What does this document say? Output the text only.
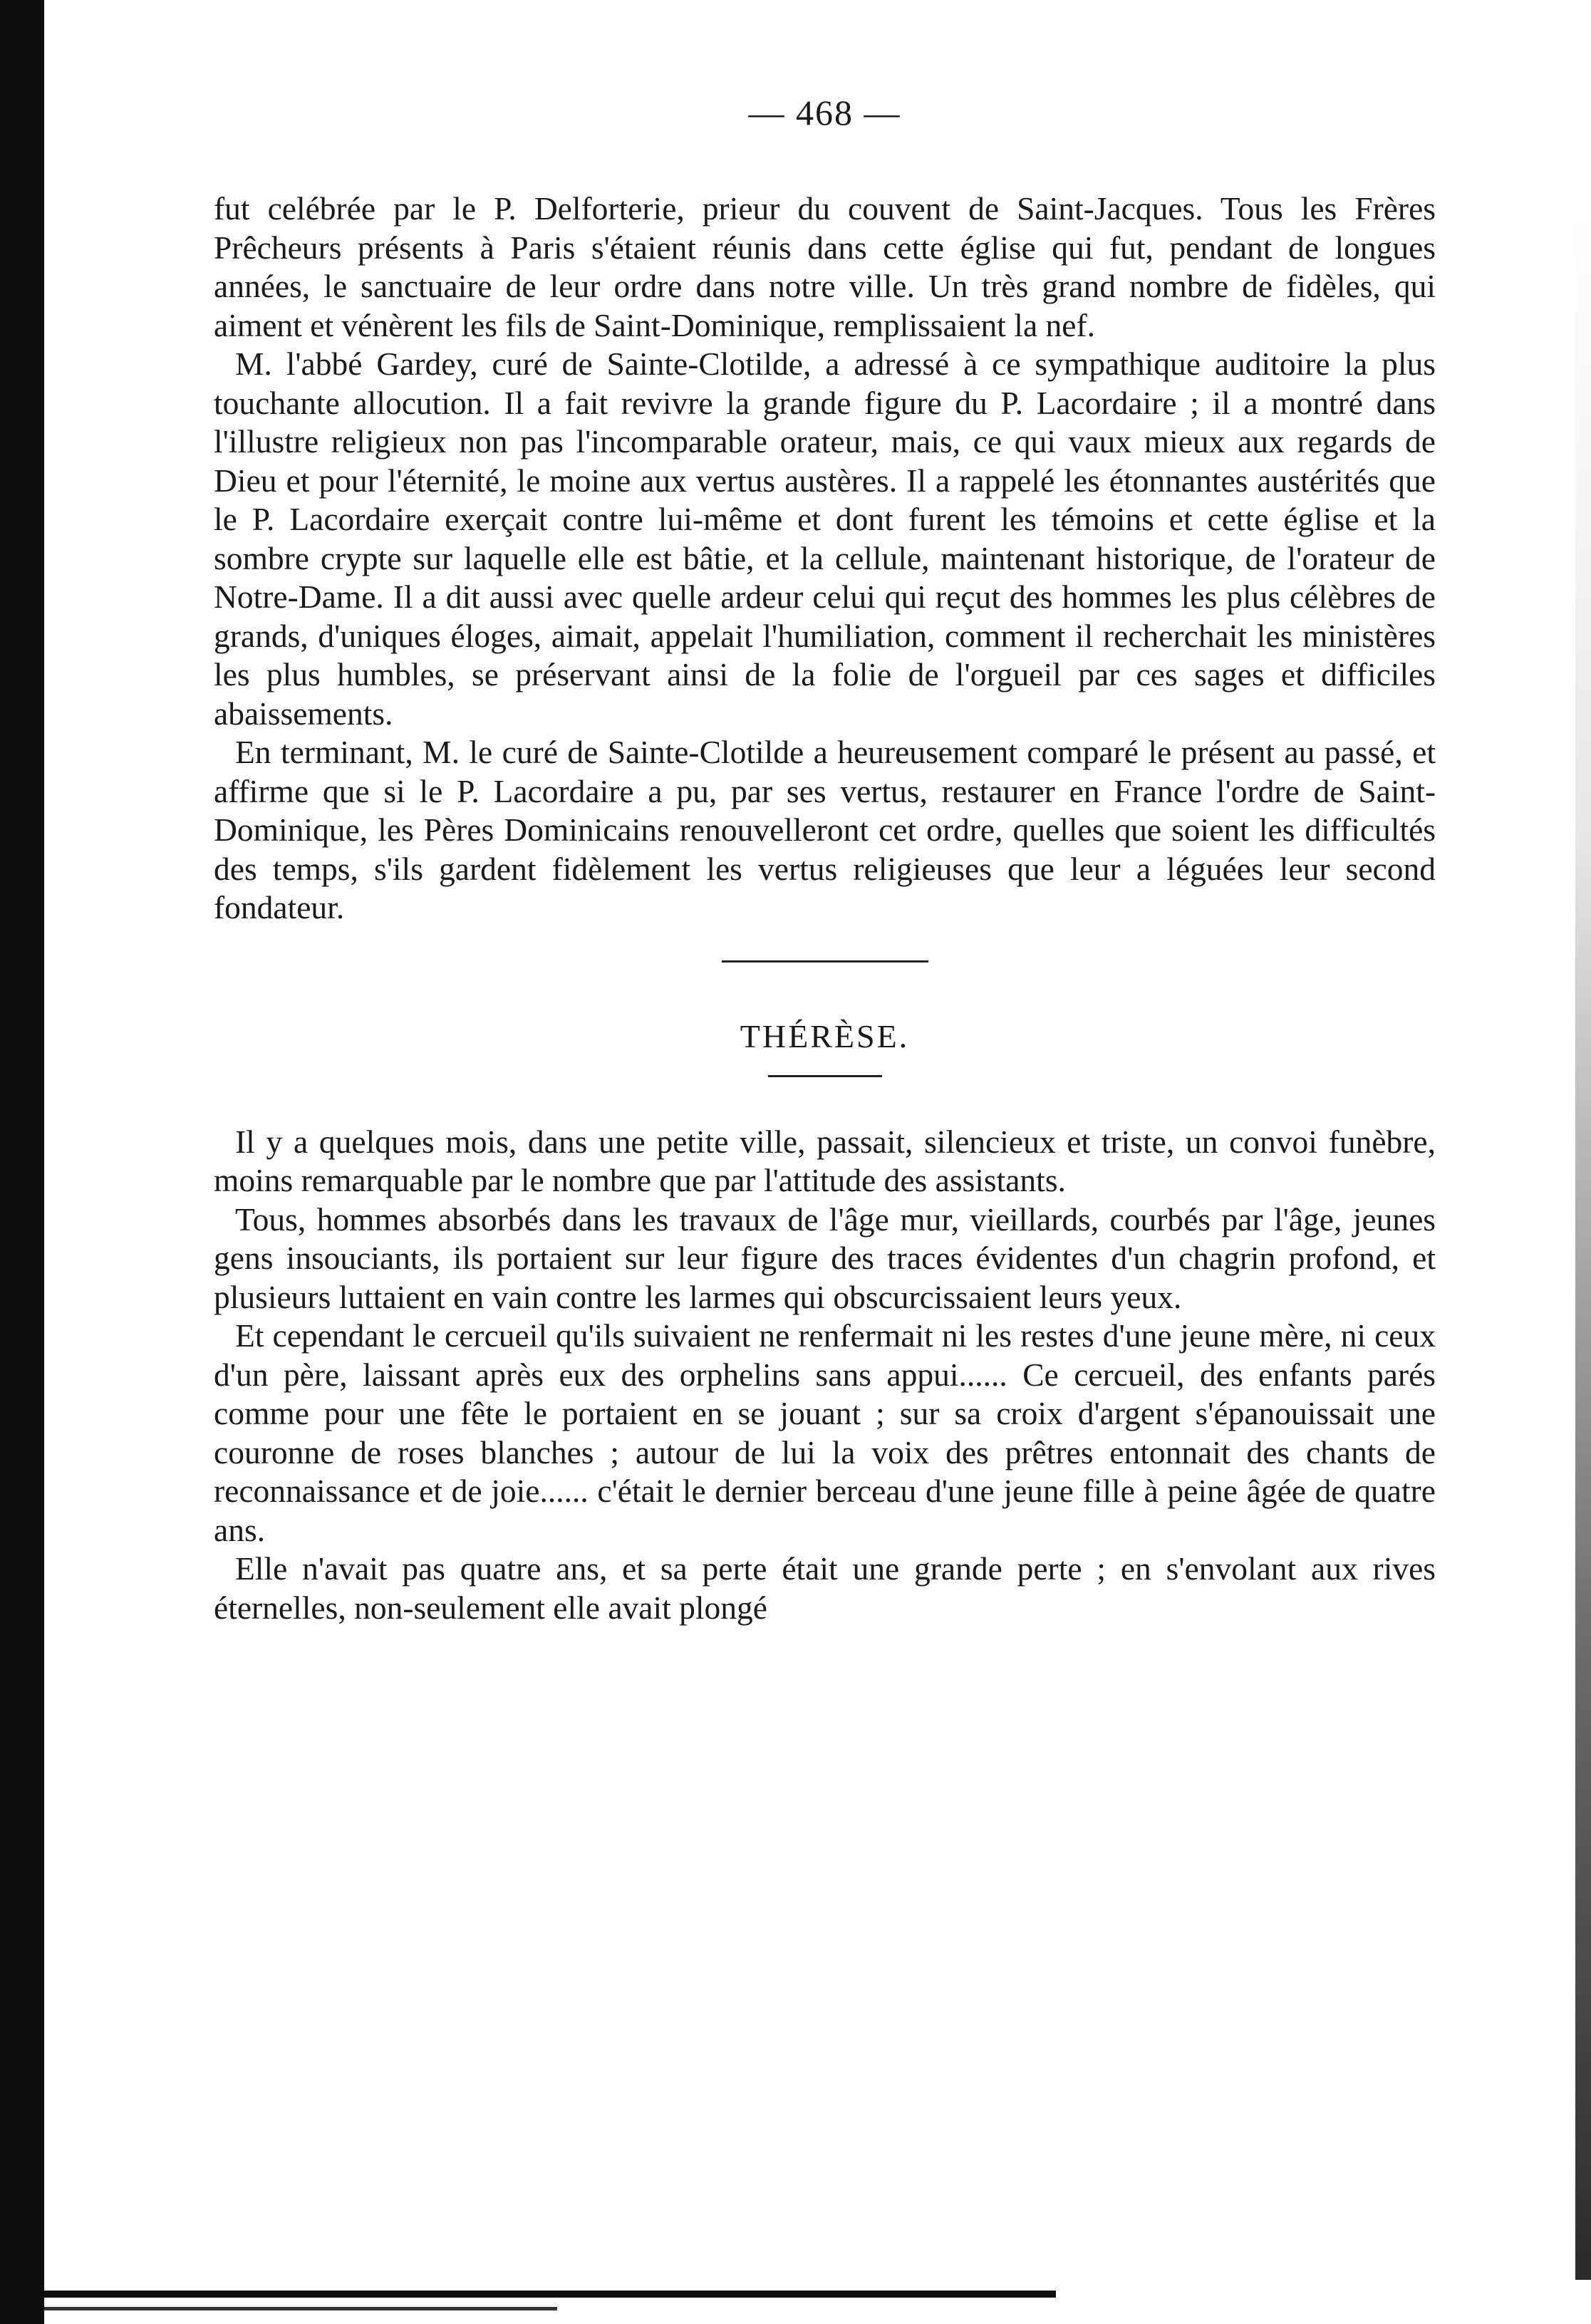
— 468 —

fut celébrée par le P. Delforterie, prieur du couvent de Saint-Jacques. Tous les Frères Prêcheurs présents à Paris s'étaient réunis dans cette église qui fut, pendant de longues années, le sanctuaire de leur ordre dans notre ville. Un très grand nombre de fidèles, qui aiment et vénèrent les fils de Saint-Dominique, remplissaient la nef.

M. l'abbé Gardey, curé de Sainte-Clotilde, a adressé à ce sympathique auditoire la plus touchante allocution. Il a fait revivre la grande figure du P. Lacordaire ; il a montré dans l'illustre religieux non pas l'incomparable orateur, mais, ce qui vaux mieux aux regards de Dieu et pour l'éternité, le moine aux vertus austères. Il a rappelé les étonnantes austérités que le P. Lacordaire exerçait contre lui-même et dont furent les témoins et cette église et la sombre crypte sur laquelle elle est bâtie, et la cellule, maintenant historique, de l'orateur de Notre-Dame. Il a dit aussi avec quelle ardeur celui qui reçut des hommes les plus célèbres de grands, d'uniques éloges, aimait, appelait l'humiliation, comment il recherchait les ministères les plus humbles, se préservant ainsi de la folie de l'orgueil par ces sages et difficiles abaissements.

En terminant, M. le curé de Sainte-Clotilde a heureusement comparé le présent au passé, et affirme que si le P. Lacordaire a pu, par ses vertus, restaurer en France l'ordre de Saint-Dominique, les Pères Dominicains renouvelleront cet ordre, quelles que soient les difficultés des temps, s'ils gardent fidèlement les vertus religieuses que leur a léguées leur second fondateur.

THÉRÈSE.

Il y a quelques mois, dans une petite ville, passait, silencieux et triste, un convoi funèbre, moins remarquable par le nombre que par l'attitude des assistants.

Tous, hommes absorbés dans les travaux de l'âge mur, vieillards, courbés par l'âge, jeunes gens insouciants, ils portaient sur leur figure des traces évidentes d'un chagrin profond, et plusieurs luttaient en vain contre les larmes qui obscurcissaient leurs yeux.

Et cependant le cercueil qu'ils suivaient ne renfermait ni les restes d'une jeune mère, ni ceux d'un père, laissant après eux des orphelins sans appui...... Ce cercueil, des enfants parés comme pour une fête le portaient en se jouant ; sur sa croix d'argent s'épanouissait une couronne de roses blanches ; autour de lui la voix des prêtres entonnait des chants de reconnaissance et de joie...... c'était le dernier berceau d'une jeune fille à peine âgée de quatre ans.

Elle n'avait pas quatre ans, et sa perte était une grande perte ; en s'envolant aux rives éternelles, non-seulement elle avait plongé
